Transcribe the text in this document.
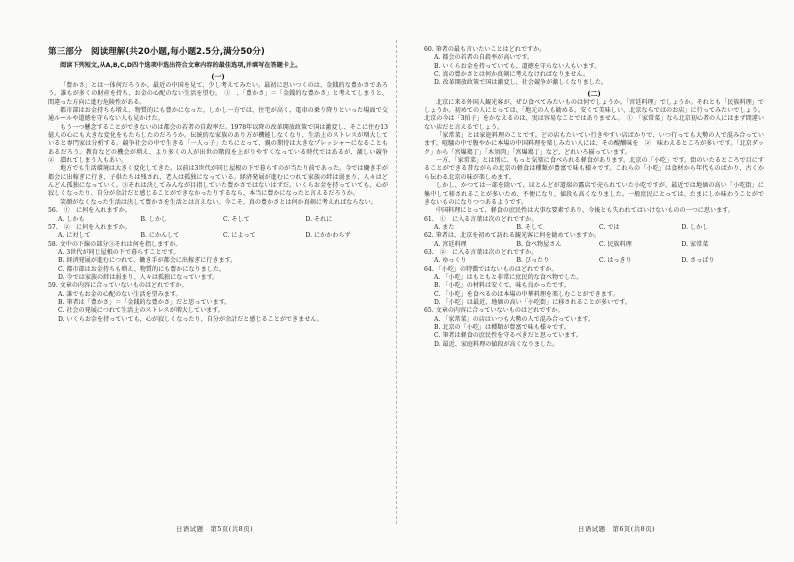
第三部分　阅读理解(共20小题,每小题2.5分,满分50分)
阅读下列短文,从A,B,C,D四个选项中选出符合文章内容的最佳选项,并填写在答题卡上。
(一)

「豊かさ」とは一体何だろうか。最近の中国を見て、少し考えてみたい。最初に思いつくのは、金銭的な豊かさであろう。誰もが多くの財産を持ち、お金の心配のない生活を望む。　①　、「豊かさ」＝「金銭的な豊かさ」と考えてしまうと、間違った方向に進む危険性がある。

都市部はお金持ちも増え、物質的にも豊かになった。しかし一方では、住宅が高く、電車の乗り降りといった場面で交通ルールや道徳を守らない人も見かけた。

もう一つ懸念することができないのは都会の若者の自殺率だ。1978年以降の改革開放政策で国は激変し、そこに住む13億人の心にも大きな変化をもたらしたのだろうか。伝統的な家族のあり方が機能しなくなり、生活上のストレスが増大していると専門家は分析する。競争社会の中で生きる「一人っ子」たちにとって、親の期待は大きなプレッシャーになることもあるだろう。教育などの機会が増え、より多くの人が出世の階段を上がりやすくなっている時代ではあるが、激しい競争　②　潰れてしまう人もあい。

地方でも生活環境は大きく変化してきた。以前は3世代が同じ屋根の下で暮らすのが当たり前であった。今では働き手が都会に出稼ぎに行き、子供たちは残され、老人は孤独になっている。経済発展が進むにつれて家族の絆は弱まり、人々はどんどん孤独になっていく。③それは決してみんなが目指していた豊かさではないはずだ。いくらお金を持っていても、心が寂しくなったり、自分が余計だと感じることができなかったりするなら、本当に豊かになったと言えるだろうか。

笑顔がなくなった生活は決して豊かさを生活とは言えない。今こそ、真の豊かさとは何か真剣に考えればならない。

56.　①　に何を入れますか。
A. しかも	B. しかし	C. そして	D. それに
57.　②　に何を入れますか。
A. に対して	B. にかんして	C. によって	D. にかかわらず
58. 文中の下線の部分③それは何を指しますか。
A. 3世代が同じ屋根の下で暮らすことです。
B. 経済発展が進むにつれて、働き手が都会に出稼ぎに行きます。
C. 都市部はお金持ちも増え、物質的にも豊かになりました。
D. 今では家族の絆は弱まり、人々は孤独になっています。
59. 文章の内容に合っていないものはどれですか。
A. 誰でもお金の心配のない生活を望みます。
B. 筆者は「豊かさ」＝「金銭的な豊かさ」だと思っています。
C. 社会の発展につれて生活上のストレスが増大しています。
D. いくらお金を持っていても、心が寂しくなったり、自分が余計だと感じることができません。
60. 筆者の最も言いたいことはどれですか。
A. 都会の若者の自殺率が高いです。
B. いくらお金を持っていても、道徳を守らない人もいます。
C. 真の豊かさとは何か真剣に考えなければなりません。
D. 改革開放政策で国は激変し、社会競争が激しくなりました。
(二)

北京に来る外国人観光客が、ぜひ食べてみたいものは何でしょうか。「宮廷料理」でしょうか。それとも「民族料理」でしょうか。初めての人にとっては、「地元の人も勧める、安くて美味しい、北京ならではのお店」に行ってみたいでしょう。北京の今は「3拍子」をかなえるのは、実は容易なことではありません。　①　「家常菜」なら北京初心者の人にはまず間違いない店だと言えるでしょう。

「家常菜」とは家庭料理のことです。どの店もたいてい行きやすい店ばかりで、いつ行っても大勢の人で混み合っています。喧騒の中で腹やかに本場の中国料理を楽しみたい人には、その醍醐味を　②　味わえるところが多いです。「北京ダック」から「宮爆鶏丁」「木須肉」「宮爆鶏丁」など、どれいろ揃っています。

一方、「家常菜」とは別に、もっと気楽に食べられる軽食があります。北京の「小吃」です。街のいたるところで目にすることができる昔ながらの北京の軽食は種類が豊富で味も様々です。これらの「小吃」は食材から年代ものばかり、古くから伝わる北京の味が楽しめます。

しかし、かつては一部を除いて、ほとんどが道端の露店で売られていた小吃ですが、最近では地価の高い「小吃街」に集中して移されることが多いため、不便になり、値段も高くなりました。一般庶民にとっては、たまにしか味わうことができないものになりつつあるようです。

中国料理にとって、軽食の庶民性は大事な要素であり、今後とも失われてはいけないものの一つに思います。

61.　①　に入る言葉は次のどれですか。
A. また	B. そして	C. では	D. しかし
62. 筆者は、北京を初めて訪れる観光客に何を勧めていますか。
A. 宮廷料理	B. 食べ物屋さん	C. 民族料理	D. 家常菜
63.　②　に入る言葉は次のどれですか。
A. ゆっくり	B. ぴったり	C. はっきり	D. さっぱり
64. 「小吃」の特徴ではないものはどれですか。
A. 「小吃」はもともと非常に庶民的な食べ物でした。
B. 「小吃」の材料は安くて、味も良かったです。
C. 「小吃」を食べるのは本場の中華料理を楽しむことができます。
D. 「小吃」は最近、地価の高い「小吃街」に移されることが多いです。
65. 文章の内容に合っていないものはどれですか。
A. 「家常菜」の店はいつも大勢の人で混み合っています。
B. 北京の「小吃」は種類が豊富で味も様々です。
C. 筆者は軽食の庶民性を守るべきだと思っています。
D. 最近、家庭料理の値段が高くなりました。
日语试题　第5页(共8页)	日语试题　第6页(共8页)
